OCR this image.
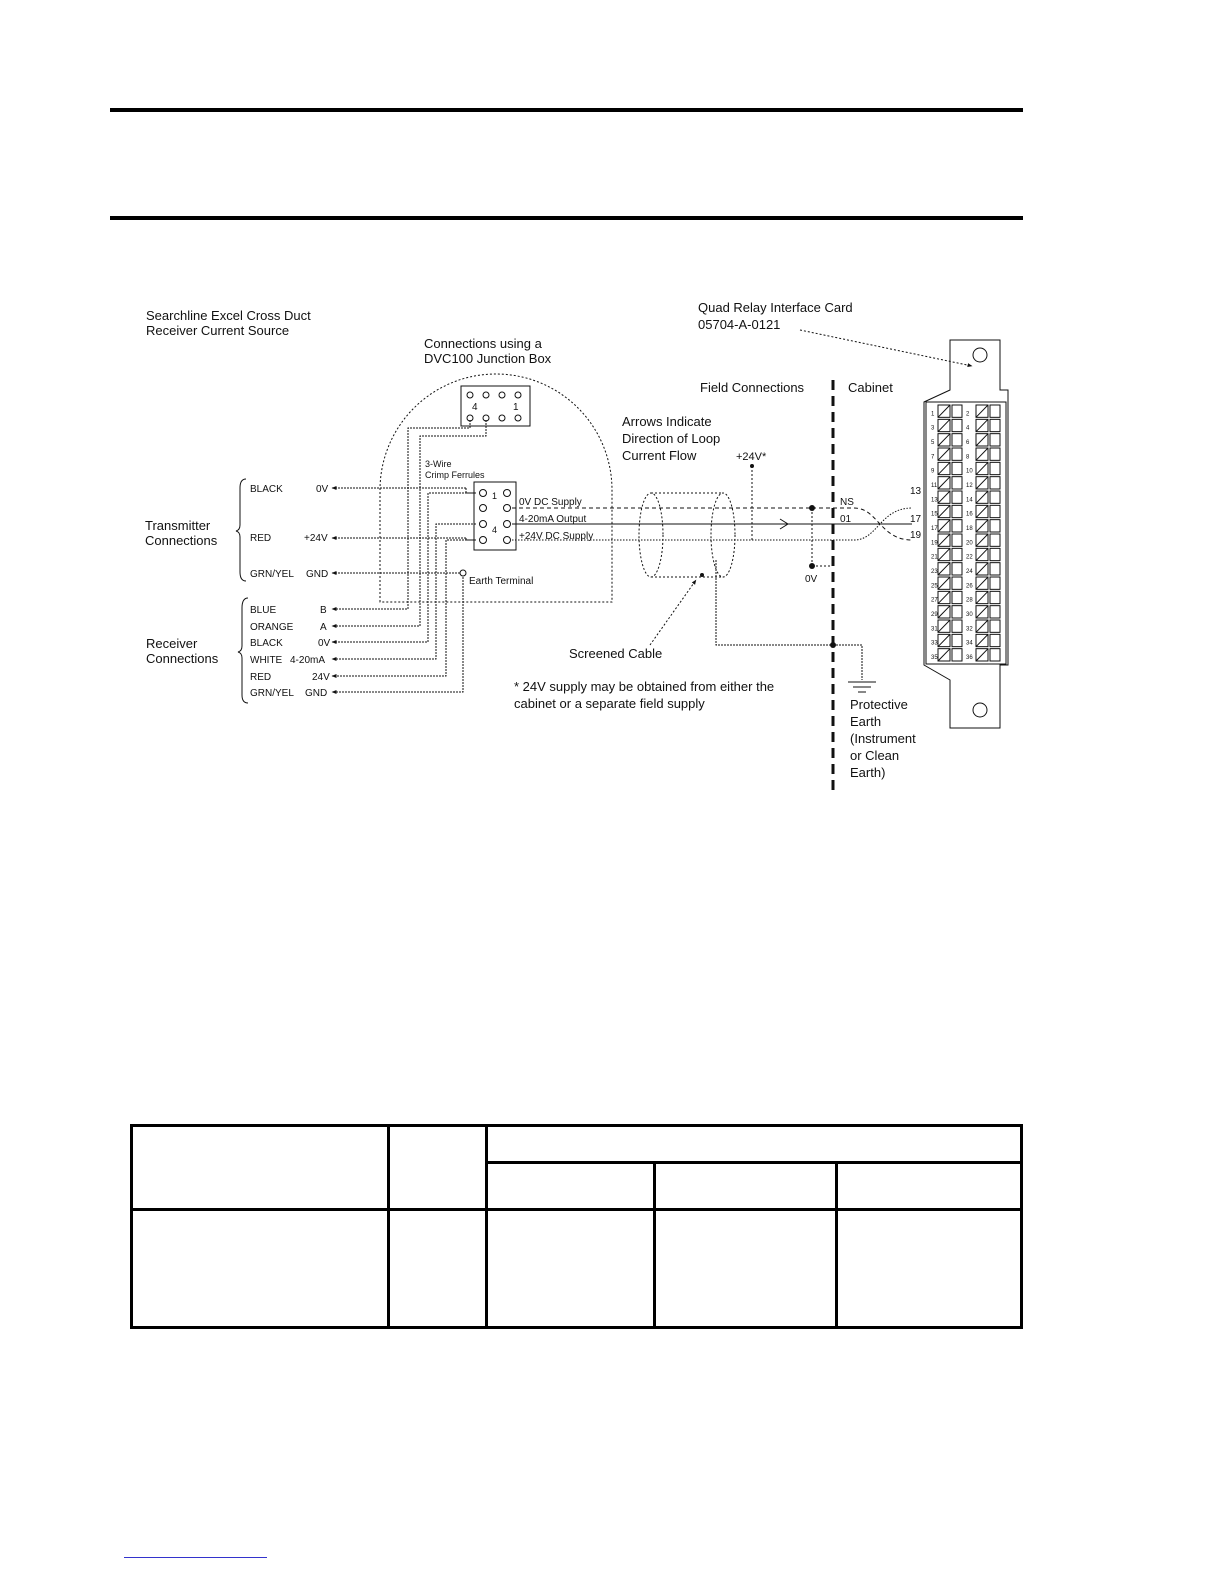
Searchline Excel Cross Duct
Quad Relay Interface Card
05704-A-0121
Connections using a DVC100 Junction Box
Field Connections	Cabinet
Arrows Indicate Direction of Loop Current Flow
4	1
3-Wire Crimp Ferrules
1
4
Earth Terminal
Transmitter Connections
BLACK	0V
RED	+24V
GRN/YEL GND
Receiver Connections
BLUE	B
ORANGE	A
BLACK	0V
WHITE 4-20mA
RED	24V
GRN/YEL GND
0V DC Supply
4-20mA Output
+24V DC Supply
+24V*
Screened Cable
NS
01
0V
13
17
19
Protective Earth (Instrument or Clean Earth)
* 24V supply may be obtained from either the cabinet or a separate field supply
1	2
3	4
5	6
7	8
9	10
11	12
13	14
15	16
17	18
19	20
21	22
23	24
25	26
27	28
29	30
31	32
33	34
35	36
Receiver Current Source
